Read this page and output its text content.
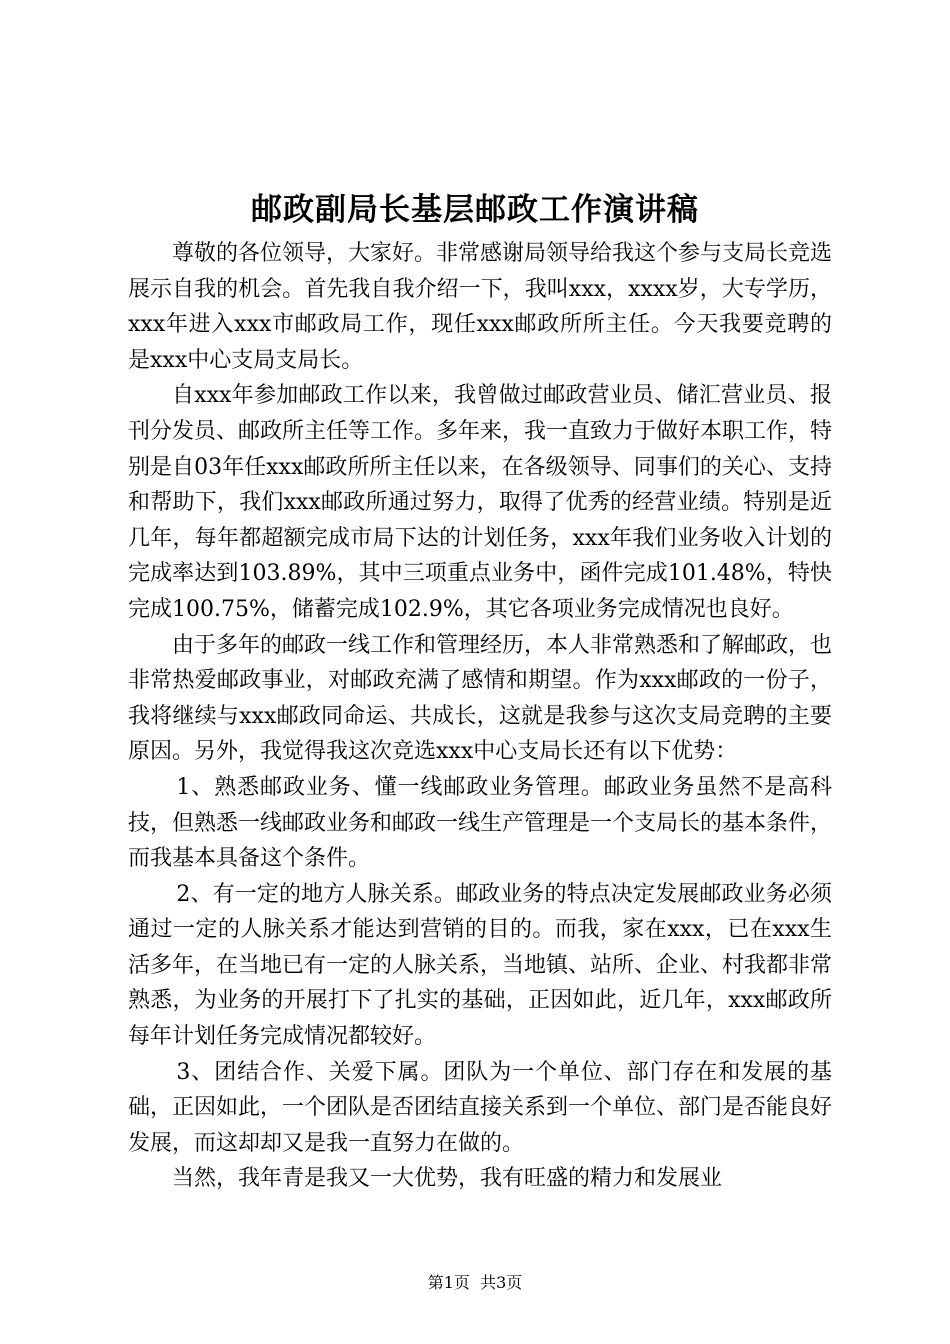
邮政副局长基层邮政工作演讲稿

尊敬的各位领导，大家好。非常感谢局领导给我这个参与支局长竞选展示自我的机会。首先我自我介绍一下，我叫xxx，xxxx岁，大专学历，xxx年进入xxx市邮政局工作，现任xxx邮政所所主任。今天我要竞聘的是xxx中心支局支局长。

自xxx年参加邮政工作以来，我曾做过邮政营业员、储汇营业员、报刊分发员、邮政所主任等工作。多年来，我一直致力于做好本职工作，特别是自03年任xxx邮政所所主任以来，在各级领导、同事们的关心、支持和帮助下，我们xxx邮政所通过努力，取得了优秀的经营业绩。特别是近几年，每年都超额完成市局下达的计划任务，xxx年我们业务收入计划的完成率达到103.89%，其中三项重点业务中，函件完成101.48%，特快完成100.75%，储蓄完成102.9%，其它各项业务完成情况也良好。

由于多年的邮政一线工作和管理经历，本人非常熟悉和了解邮政，也非常热爱邮政事业，对邮政充满了感情和期望。作为xxx邮政的一份子，我将继续与xxx邮政同命运、共成长，这就是我参与这次支局竞聘的主要原因。另外，我觉得我这次竞选xxx中心支局长还有以下优势：

1、熟悉邮政业务、懂一线邮政业务管理。邮政业务虽然不是高科技，但熟悉一线邮政业务和邮政一线生产管理是一个支局长的基本条件，而我基本具备这个条件。

2、有一定的地方人脉关系。邮政业务的特点决定发展邮政业务必须通过一定的人脉关系才能达到营销的目的。而我，家在xxx，已在xxx生活多年，在当地已有一定的人脉关系，当地镇、站所、企业、村我都非常熟悉，为业务的开展打下了扎实的基础，正因如此，近几年，xxx邮政所每年计划任务完成情况都较好。

3、团结合作、关爱下属。团队为一个单位、部门存在和发展的基础，正因如此，一个团队是否团结直接关系到一个单位、部门是否能良好发展，而这却却又是我一直努力在做的。

当然，我年青是我又一大优势，我有旺盛的精力和发展业

第1页 共3页
